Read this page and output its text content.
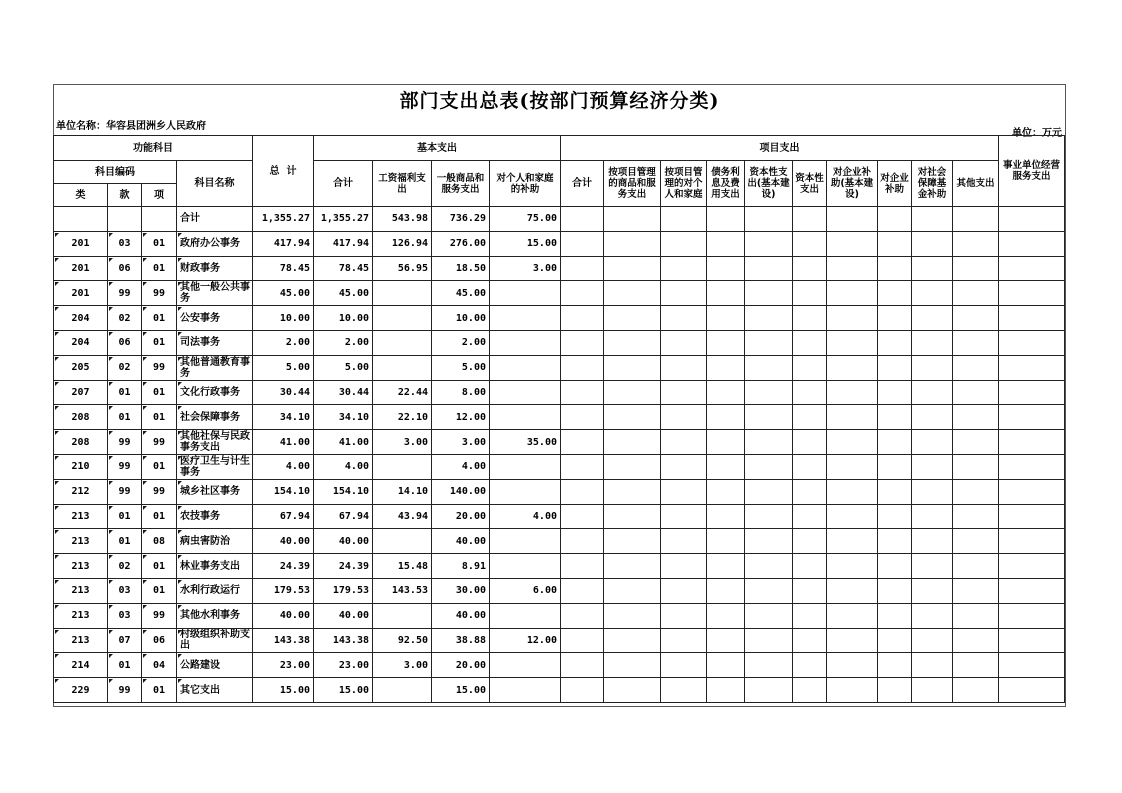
部门支出总表(按部门预算经济分类)
单位名称：华容县团洲乡人民政府
单位：万元
功能科目				总  计	基本支出				项目支出										事业单位经营服务支出
科目编码			科目名称		合计	工资福利支出	一般商品和服务支出	对个人和家庭的补助	合计	按项目管理的商品和服务支出	按项目管理的对个人和家庭	债务利息及费用支出	资本性支出(基本建设)	资本性支出	对企业补助(基本建设)	对企业补助	对社会保障基金补助	其他支出	
类	款	项																	
			合计	1,355.27	1,355.27	543.98	736.29	75.00											
201	03	01	政府办公事务	417.94	417.94	126.94	276.00	15.00											
201	06	01	财政事务	78.45	78.45	56.95	18.50	3.00											
201	99	99	其他一般公共事务	45.00	45.00		45.00												
204	02	01	公安事务	10.00	10.00		10.00												
204	06	01	司法事务	2.00	2.00		2.00												
205	02	99	其他普通教育事务	5.00	5.00		5.00												
207	01	01	文化行政事务	30.44	30.44	22.44	8.00												
208	01	01	社会保障事务	34.10	34.10	22.10	12.00												
208	99	99	其他社保与民政事务支出	41.00	41.00	3.00	3.00	35.00											
210	99	01	医疗卫生与计生事务	4.00	4.00		4.00												
212	99	99	城乡社区事务	154.10	154.10	14.10	140.00												
213	01	01	农技事务	67.94	67.94	43.94	20.00	4.00											
213	01	08	病虫害防治	40.00	40.00		40.00												
213	02	01	林业事务支出	24.39	24.39	15.48	8.91												
213	03	01	水利行政运行	179.53	179.53	143.53	30.00	6.00											
213	03	99	其他水利事务	40.00	40.00		40.00												
213	07	06	村级组织补助支出	143.38	143.38	92.50	38.88	12.00											
214	01	04	公路建设	23.00	23.00	3.00	20.00												
229	99	01	其它支出	15.00	15.00		15.00												
